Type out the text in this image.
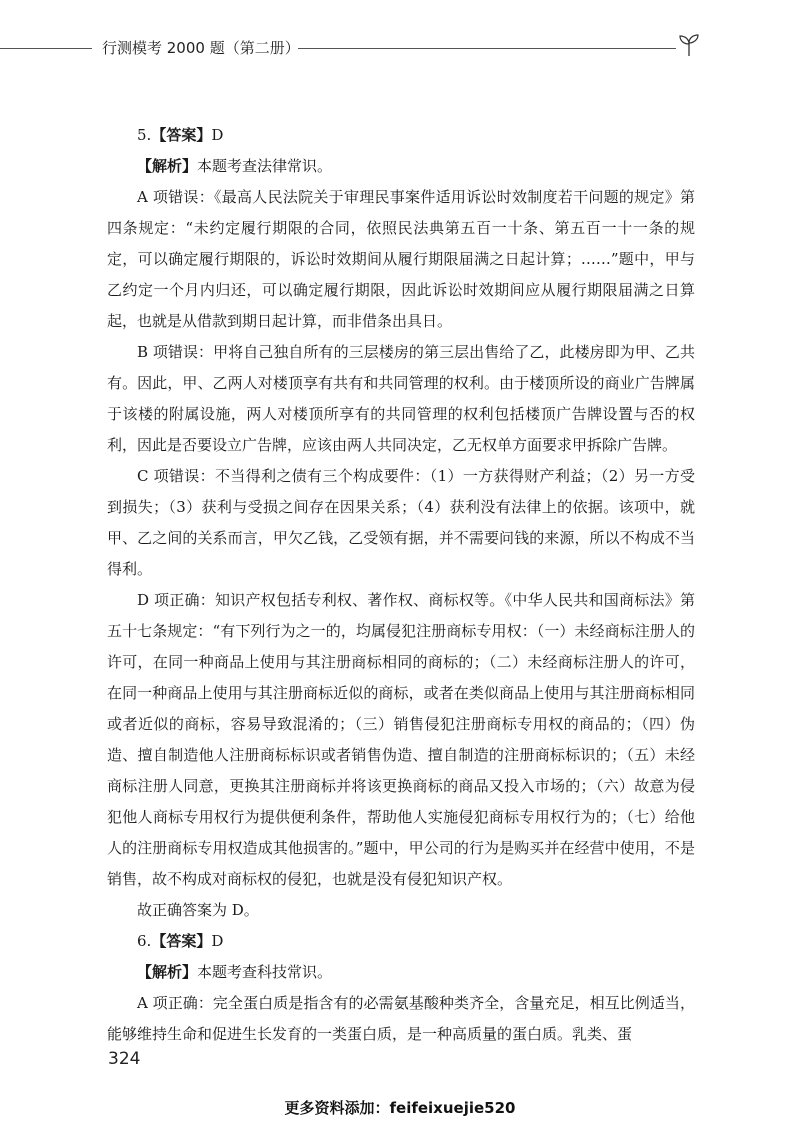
行测模考 2000 题（第二册）

5.【答案】D

【解析】本题考查法律常识。

A 项错误：《最高人民法院关于审理民事案件适用诉讼时效制度若干问题的规定》第四条规定：“未约定履行期限的合同，依照民法典第五百一十条、第五百一十一条的规定，可以确定履行期限的，诉讼时效期间从履行期限届满之日起计算；……”题中，甲与乙约定一个月内归还，可以确定履行期限，因此诉讼时效期间应从履行期限届满之日算起，也就是从借款到期日起计算，而非借条出具日。

B 项错误：甲将自己独自所有的三层楼房的第三层出售给了乙，此楼房即为甲、乙共有。因此，甲、乙两人对楼顶享有共有和共同管理的权利。由于楼顶所设的商业广告牌属于该楼的附属设施，两人对楼顶所享有的共同管理的权利包括楼顶广告牌设置与否的权利，因此是否要设立广告牌，应该由两人共同决定，乙无权单方面要求甲拆除广告牌。

C 项错误：不当得利之债有三个构成要件：（1）一方获得财产利益；（2）另一方受到损失；（3）获利与受损之间存在因果关系；（4）获利没有法律上的依据。该项中，就甲、乙之间的关系而言，甲欠乙钱，乙受领有据，并不需要问钱的来源，所以不构成不当得利。

D 项正确：知识产权包括专利权、著作权、商标权等。《中华人民共和国商标法》第五十七条规定：“有下列行为之一的，均属侵犯注册商标专用权：（一）未经商标注册人的许可，在同一种商品上使用与其注册商标相同的商标的；（二）未经商标注册人的许可，在同一种商品上使用与其注册商标近似的商标，或者在类似商品上使用与其注册商标相同或者近似的商标，容易导致混淆的；（三）销售侵犯注册商标专用权的商品的；（四）伪造、擅自制造他人注册商标标识或者销售伪造、擅自制造的注册商标标识的；（五）未经商标注册人同意，更换其注册商标并将该更换商标的商品又投入市场的；（六）故意为侵犯他人商标专用权行为提供便利条件，帮助他人实施侵犯商标专用权行为的；（七）给他人的注册商标专用权造成其他损害的。”题中，甲公司的行为是购买并在经营中使用，不是销售，故不构成对商标权的侵犯，也就是没有侵犯知识产权。

故正确答案为 D。

6.【答案】D

【解析】本题考查科技常识。

A 项正确：完全蛋白质是指含有的必需氨基酸种类齐全，含量充足，相互比例适当，能够维持生命和促进生长发育的一类蛋白质，是一种高质量的蛋白质。乳类、蛋

324
更多资料添加：feifeixuejie520
